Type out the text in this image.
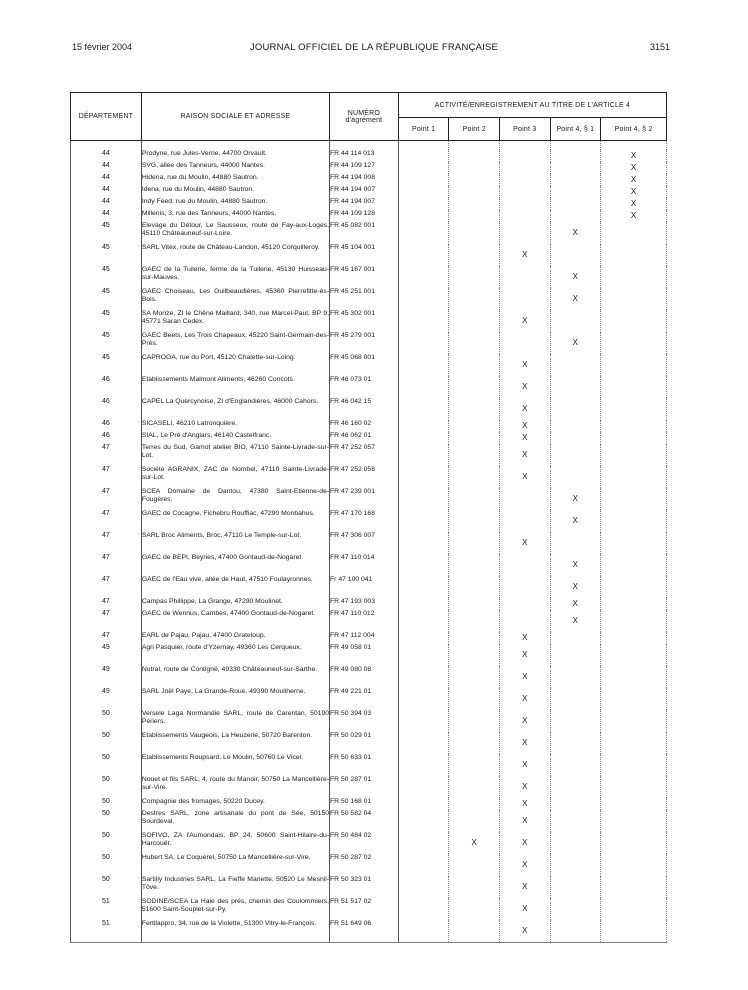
15 février 2004	JOURNAL OFFICIEL DE LA RÉPUBLIQUE FRANÇAISE	3151
DÉPARTEMENT	RAISON SOCIALE ET ADRESSE	NUMÉRO d'agrément	ACTIVITÉ/ENREGISTREMENT AU TITRE DE L'ARTICLE 4				
			Point 1	Point 2	Point 3	Point 4, § 1	Point 4, § 2

44	Prodyne, rue Jules-Verne, 44700 Orvault.	FR 44 114 013					X
44	SVG, allée des Tanneurs, 44000 Nantes.	FR 44 109 127					X
44	Hidena, rue du Moulin, 44880 Sautron.	FR 44 194 008					X
44	Idena, rue du Moulin, 44880 Sautron.	FR 44 194 007					X
44	Indy Feed, rue du Moulin, 44880 Sautron.	FR 44 194 007					X
44	Millenis, 3, rue des Tanneurs, 44000 Nantes.	FR 44 109 128					X
45	Elevage du Détour, Le Sausseux, route de Fay-aux-Loges, 45110 Châteauneuf-sur-Loire.	FR 45 082 001				X	
45	SARL Vitex, route de Château-Landon, 45120 Corquilleroy.	FR 45 104 001			X		
45	GAEC de la Tuilerie, ferme de la Tuilerie, 45130 Huisseau-sur-Mauves.	FR 45 167 001				X	
45	GAEC Choiseau, Les Guilbeaudières, 45360 Pierrefitte-ès-Bois.	FR 45 251 001				X	
45	SA Morize, ZI le Chêne Maillard, 340, rue Marcel-Paul, BP 9, 45771 Saran Cedex.	FR 45 302 001			X		
45	GAEC Beets, Les Trois Chapeaux, 45220 Saint-Germain-des-Prés.	FR 45 279 001				X	
45	CAPROGA, rue du Port, 45120 Chalette-sur-Loing.	FR 45 068 001			X		
46	Etablissements Malmont Aliments, 46260 Concots.	FR 46 073 01			X		
46	CAPEL La Quercynoise, ZI d'Englandières, 46000 Cahors.	FR 46 042 15			X		
46	SICASELI, 46210 Latronquière.	FR 46 160 02			X		
46	SIAL, Le Pré d'Anglars, 46140 Castelfranc.	FR 46 062 01			X		
47	Terres du Sud, Gamot atelier BIO, 47110 Sainte-Livrade-sur-Lot.	FR 47 252 057			X		
47	Société AGRANIX, ZAC de Nombel, 47110 Sainte-Livrade-sur-Lot.	FR 47 252 058			X		
47	SCEA Domaine de Dantou, 47380 Saint-Etienne-de-Fougères.	FR 47 239 001				X	
47	GAEC de Cocagne, Fichebru Rouffiac, 47290 Monbahus.	FR 47 170 168				X	
47	SARL Broc Aliments, Broc, 47110 Le Temple-sur-Lot.	FR 47 306 007			X		
47	GAEC de BEPI, Beyries, 47400 Gontaud-de-Nogaret.	FR 47 110 014				X	
47	GAEC de l'Eau vive, allée de Haut, 47510 Foulayronnes.	Fr 47 100 041				X	
47	Campas Phillippe, La Grange, 47290 Moulinet.	FR 47 193 003				X	
47	GAEC de Wennus, Cambes, 47400 Gontaud-de-Nogaret.	FR 47 110 012				X	
47	EARL de Pajau, Pajau, 47400 Grateloup.	FR 47 112 004			X		
49	Agri Pasquier, route d'Yzernay, 49360 Les Cerqueux.	FR 49 058 01			X		
49	Nutral, route de Contigné, 49330 Châteauneuf-sur-Sarthe.	FR 49 080 08			X		
49	SARL Joël Paye, La Grande-Roue, 49390 Mouliherne.	FR 49 221 01			X		
50	Versele Laga Normandie SARL, route de Carentan, 50190 Périers.	FR 50 394 03			X		
50	Etablissements Vaugeois, La Heuzerie, 50720 Barenton.	FR 50 029 01			X		
50	Etablissements Roupsard, Le Moulin, 50760 Le Vicel.	FR 50 633 01			X		
50	Nouet et fils SARL, 4, route du Manoir, 50750 La Mancellière-sur-Vire.	FR 50 287 01			X		
50	Compagnie des fromages, 50220 Ducey.	FR 50 168 01			X		
50	Destres SARL, zone artisanale du pont de Sée, 50150 Sourdeval.	FR 50 582 04			X		
50	SOFIVO, ZA l'Aumondais, BP 24, 50600 Saint-Hilaire-du-Harcouët.	FR 50 484 02		X	X		
50	Hubert SA, Le Coquerel, 50750 La Mancellière-sur-Vire.	FR 50 287 02			X		
50	Sartilly Industries SARL, La Fieffe Mariette, 50520 Le Mesnil-Tôve.	FR 50 323 01			X		
51	SODINE/SCEA La Haie des prés, chemin des Coulommiers, 51600 Saint-Souplet-sur-Py.	FR 51 517 02			X		
51	Fertilappro, 34, rue de la Violette, 51300 Vitry-le-François.	FR 51 649 06			X		
